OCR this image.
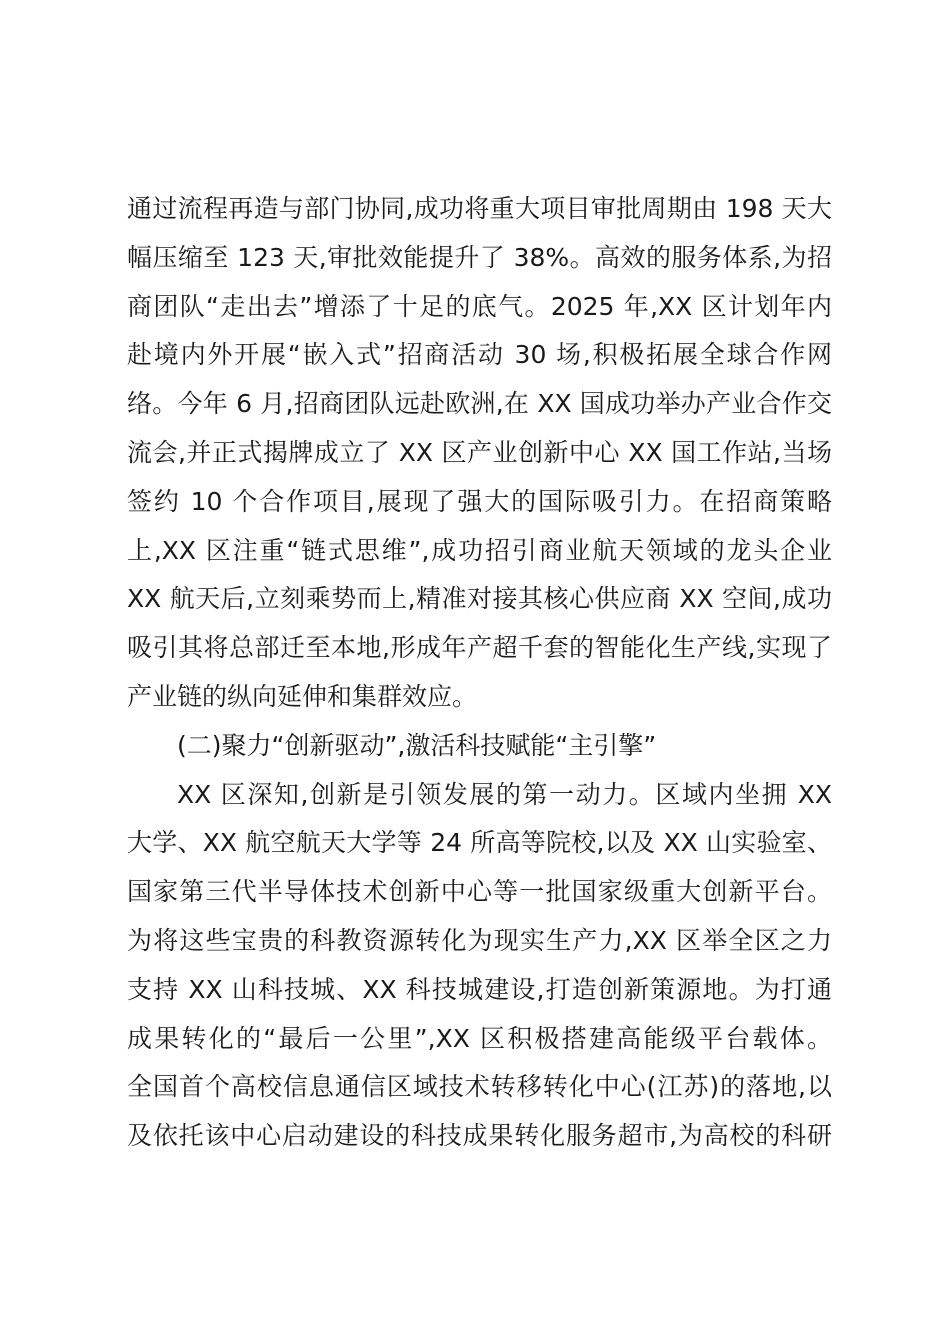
通过流程再造与部门协同,成功将重大项目审批周期由 198 天大
幅压缩至 123 天,审批效能提升了 38%。高效的服务体系,为招
商团队“走出去”增添了十足的底气。2025 年,XX 区计划年内
赴境内外开展“嵌入式”招商活动 30 场,积极拓展全球合作网
络。今年 6 月,招商团队远赴欧洲,在 XX 国成功举办产业合作交
流会,并正式揭牌成立了 XX 区产业创新中心 XX 国工作站,当场
签约 10 个合作项目,展现了强大的国际吸引力。在招商策略
上,XX 区注重“链式思维”,成功招引商业航天领域的龙头企业
XX 航天后,立刻乘势而上,精准对接其核心供应商 XX 空间,成功
吸引其将总部迁至本地,形成年产超千套的智能化生产线,实现了
产业链的纵向延伸和集群效应。
(二)聚力“创新驱动”,激活科技赋能“主引擎”
XX 区深知,创新是引领发展的第一动力。区域内坐拥 XX
大学、XX 航空航天大学等 24 所高等院校,以及 XX 山实验室、
国家第三代半导体技术创新中心等一批国家级重大创新平台。
为将这些宝贵的科教资源转化为现实生产力,XX 区举全区之力
支持 XX 山科技城、XX 科技城建设,打造创新策源地。为打通
成果转化的“最后一公里”,XX 区积极搭建高能级平台载体。
全国首个高校信息通信区域技术转移转化中心(江苏)的落地,以
及依托该中心启动建设的科技成果转化服务超市,为高校的科研
